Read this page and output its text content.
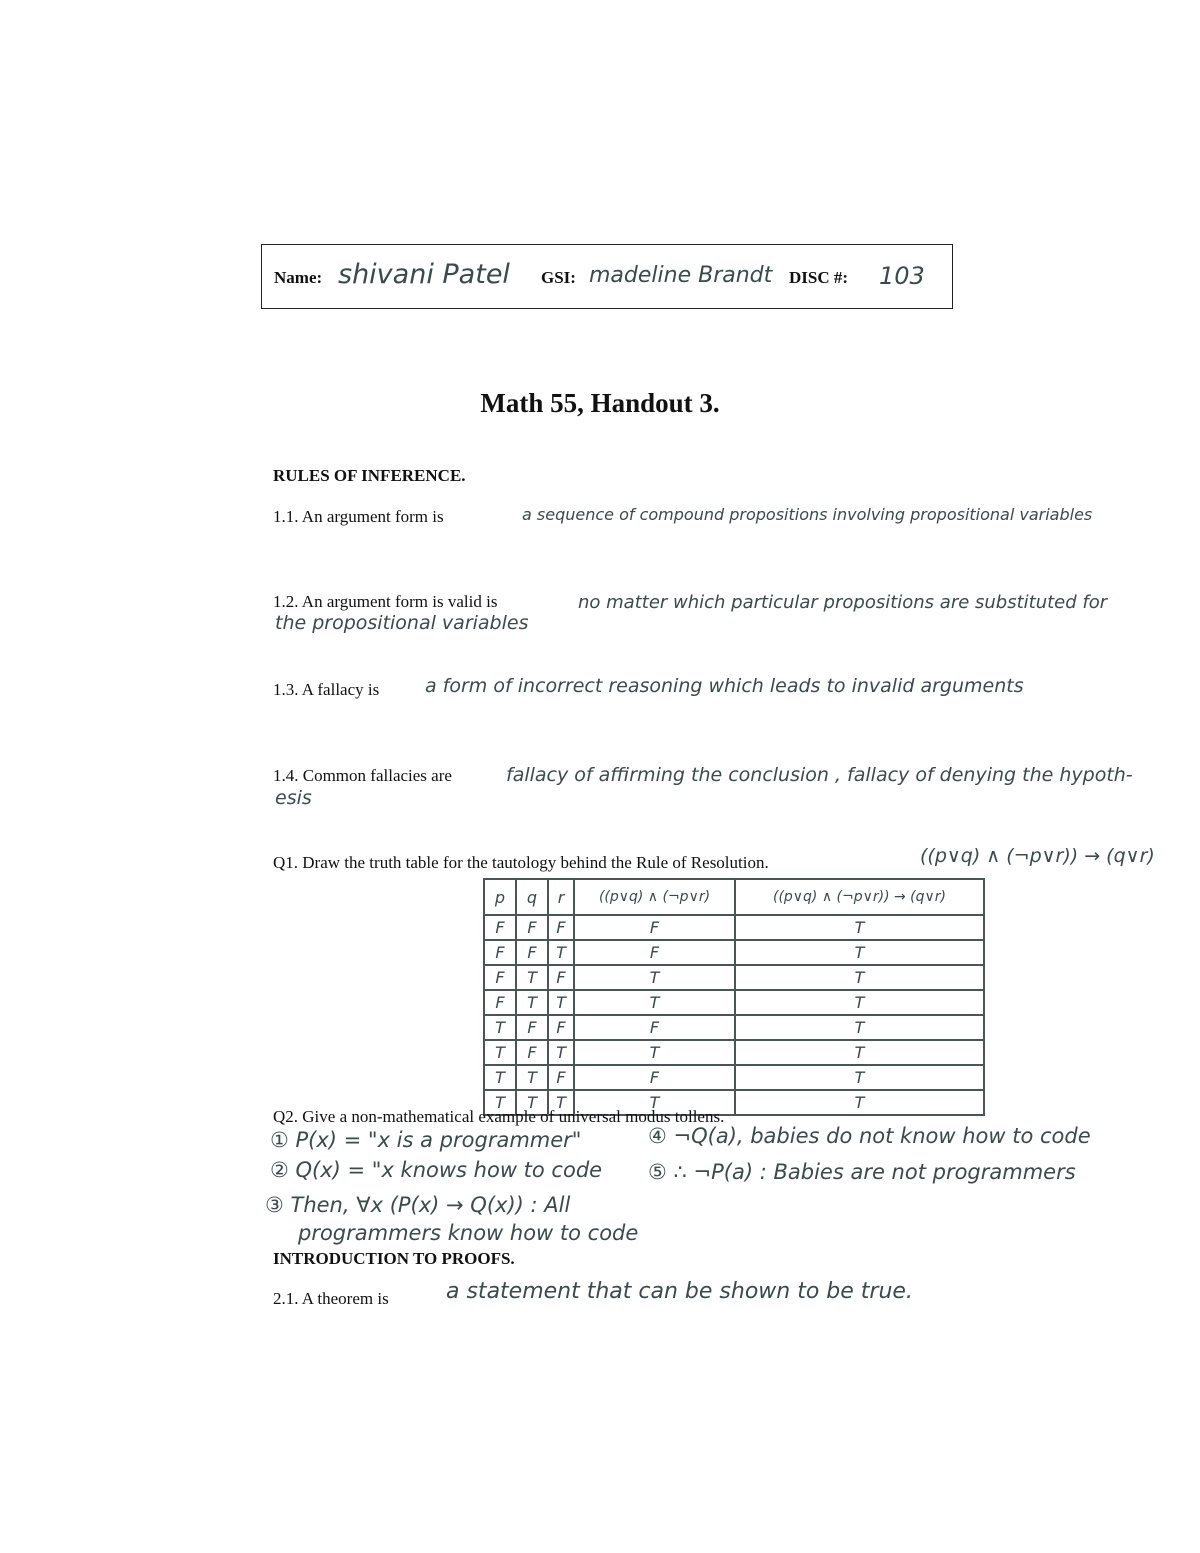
Name: shivani Patel GSI: madeline Brandt DISC #: 103
Math 55, Handout 3.
RULES OF INFERENCE.
1.1. An argument form is	a sequence of compound propositions involving propositional variables
1.2. An argument form is valid is	no matter which particular propositions are substituted for
the propositional variables
1.3. A fallacy is a form of incorrect reasoning which leads to invalid arguments
1.4. Common fallacies are	fallacy of affirming the conclusion , fallacy of denying the hypoth-
esis
Q1. Draw the truth table for the tautology behind the Rule of Resolution.	((p∨q) ∧ (¬p∨r)) → (q∨r)
p	q	r	((p∨q) ∧ (¬p∨r)	((p∨q) ∧ (¬p∨r)) → (q∨r)
F	F	F	F	T
F	F	T	F	T
F	T	F	T	T
F	T	T	T	T
T	F	F	F	T
T	F	T	T	T
T	T	F	F	T
T	T	T	T	T
Q2. Give a non-mathematical example of universal modus tollens.
① P(x) = "x is a programmer"
② Q(x) = "x knows how to code
③ Then, ∀x (P(x) → Q(x)) : All
programmers know how to code
④ ¬Q(a), babies do not know how to code
⑤ ∴ ¬P(a) : Babies are not programmers
INTRODUCTION TO PROOFS.
2.1. A theorem is	a statement that can be shown to be true.
